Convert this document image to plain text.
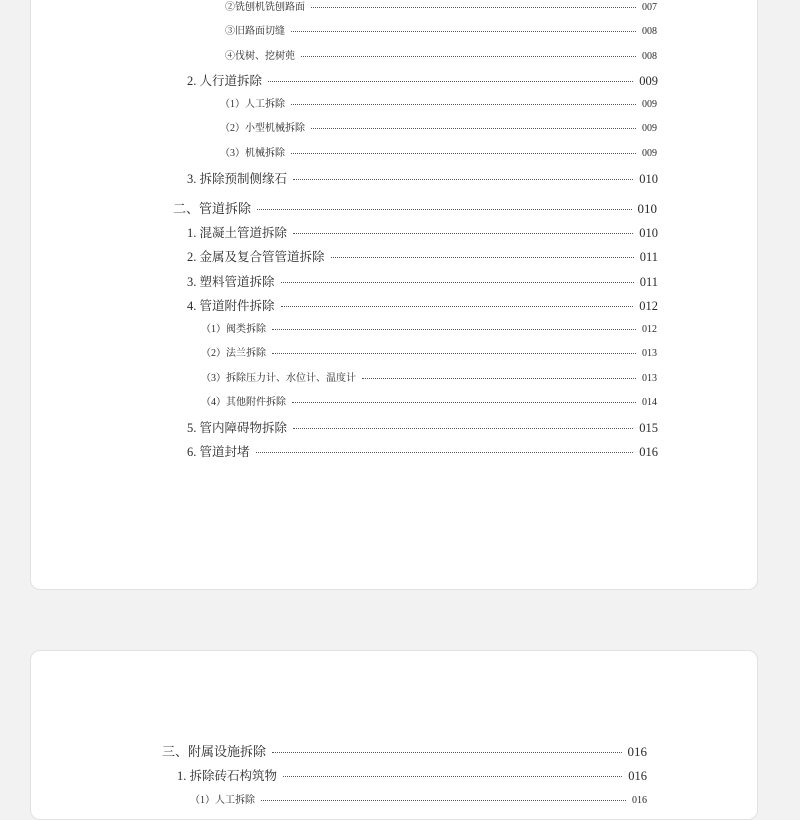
②铣刨机铣刨路面	007
③旧路面切缝	008
④伐树、挖树蔸	008
2. 人行道拆除	009
（1）人工拆除	009
（2）小型机械拆除	009
（3）机械拆除	009
3. 拆除预制侧缘石	010
二、管道拆除	010
1. 混凝土管道拆除	010
2. 金属及复合管管道拆除	011
3. 塑料管道拆除	011
4. 管道附件拆除	012
（1）阀类拆除	012
（2）法兰拆除	013
（3）拆除压力计、水位计、温度计	013
（4）其他附件拆除	014
5. 管内障碍物拆除	015
6. 管道封堵	016
三、附属设施拆除	016
1. 拆除砖石构筑物	016
（1）人工拆除	016
